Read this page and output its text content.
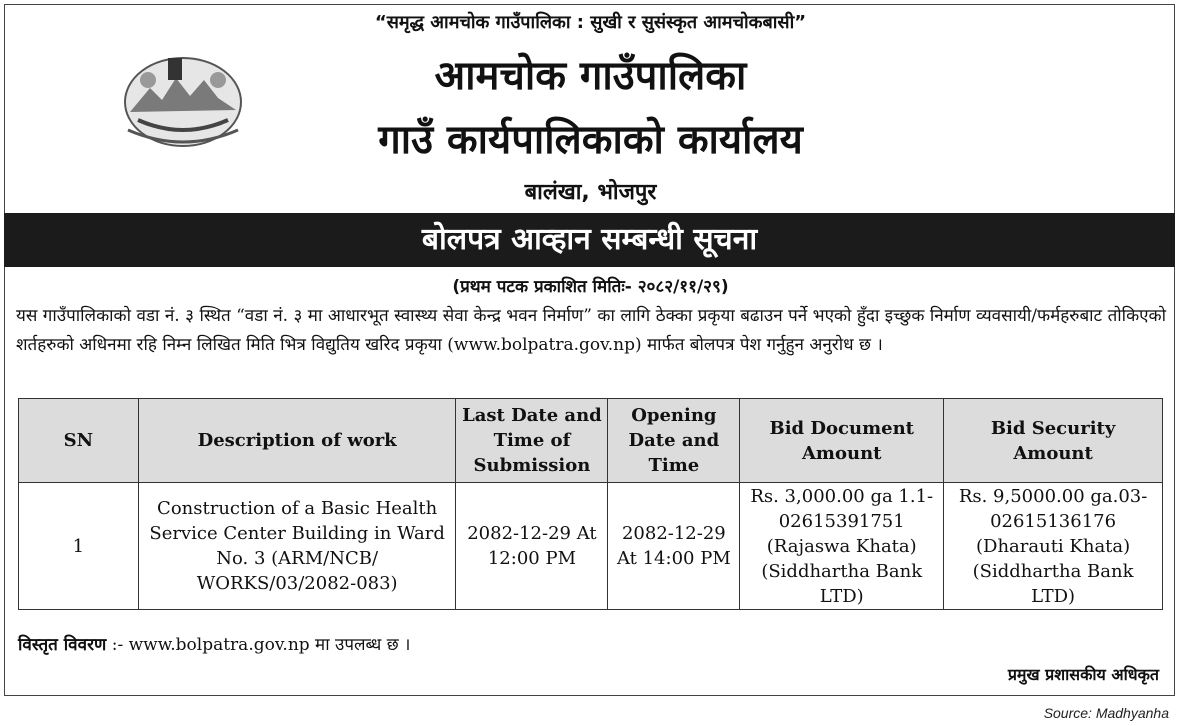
“समृद्ध आमचोक गाउँपालिका : सुखी र सुसंस्कृत आमचोकबासी”
आमचोक गाउँपालिका
गाउँ कार्यपालिकाको कार्यालय
बालंखा, भोजपुर
बोलपत्र आव्हान सम्बन्धी सूचना
(प्रथम पटक प्रकाशित मितिः- २०८२/११/२९)
यस गाउँपालिकाको वडा नं. ३ स्थित “वडा नं. ३ मा आधारभूत स्वास्थ्य सेवा केन्द्र भवन निर्माण” का लागि ठेक्का प्रकृया बढाउन पर्ने भएको हुँदा इच्छुक निर्माण व्यवसायी/फर्महरुबाट तोकिएको शर्तहरुको अधिनमा रहि निम्न लिखित मिति भित्र विद्युतिय खरिद प्रकृया (www.bolpatra.gov.np) मार्फत बोलपत्र पेश गर्नुहुन अनुरोध छ ।
SN	Description of work	Last Date and Time of Submission	Opening Date and Time	Bid Document Amount	Bid Security Amount
1	Construction of a Basic Health Service Center Building in Ward No. 3 (ARM/NCB/ WORKS/03/2082-083)	2082-12-29 At 12:00 PM	2082-12-29 At 14:00 PM	Rs. 3,000.00 ga 1.1-02615391751 (Rajaswa Khata) (Siddhartha Bank LTD)	Rs. 9,5000.00 ga.03-02615136176 (Dharauti Khata) (Siddhartha Bank LTD)
विस्तृत विवरण :- www.bolpatra.gov.np मा उपलब्ध छ ।
प्रमुख प्रशासकीय अधिकृत
Source: Madhyanha
